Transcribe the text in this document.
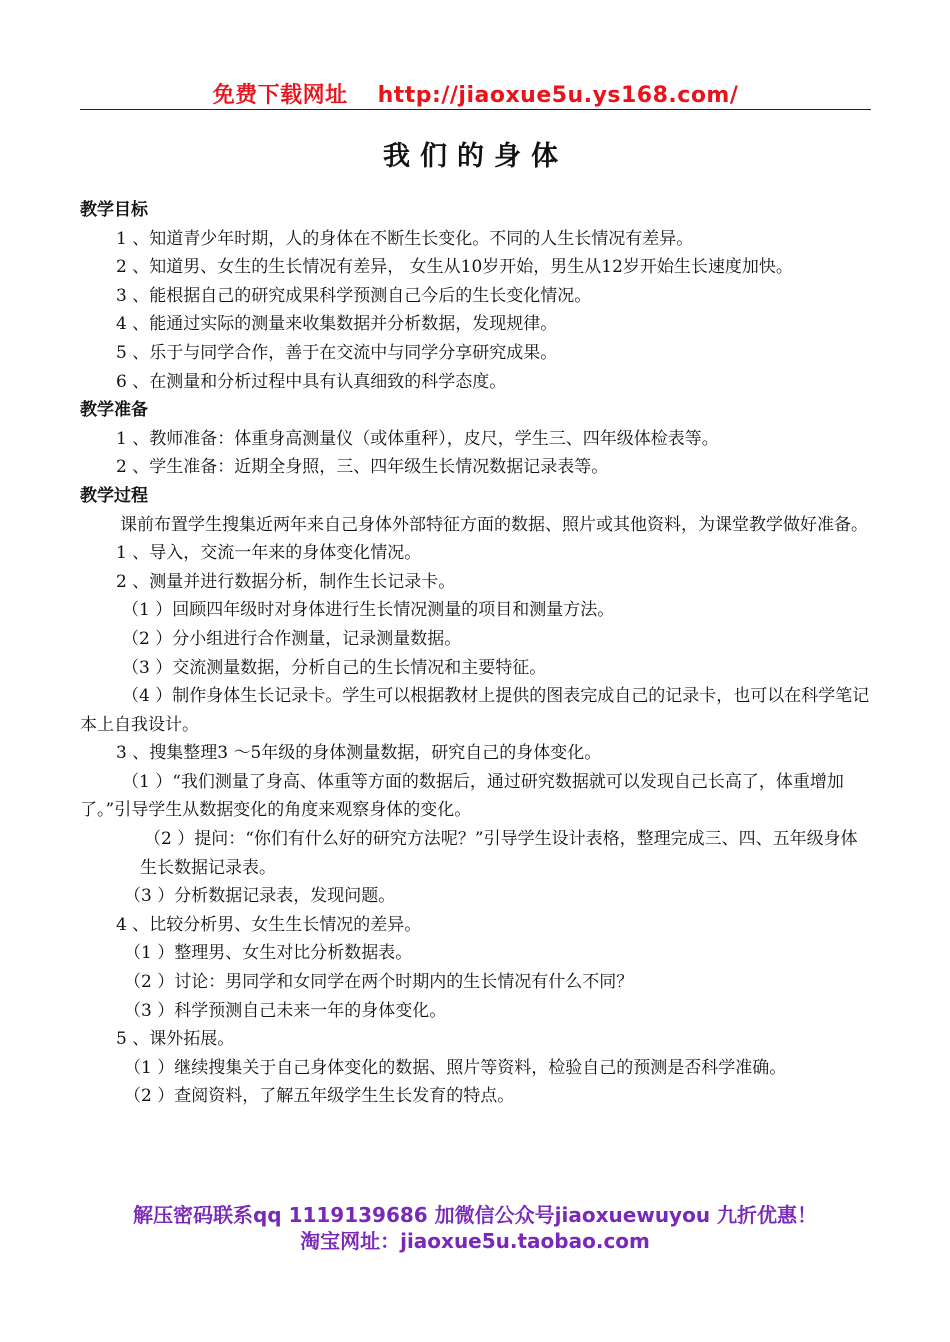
免费下载网址 http://jiaoxue5u.ys168.com/
我们的身体

教学目标

1 、知道青少年时期，人的身体在不断生长变化。不同的人生长情况有差异。

2 、知道男、女生的生长情况有差异， 女生从10岁开始，男生从12岁开始生长速度加快。

3 、能根据自己的研究成果科学预测自己今后的生长变化情况。

4 、能通过实际的测量来收集数据并分析数据，发现规律。

5 、乐于与同学合作，善于在交流中与同学分享研究成果。

6 、在测量和分析过程中具有认真细致的科学态度。

教学准备

1 、教师准备：体重身高测量仪（或体重秤），皮尺，学生三、四年级体检表等。

2 、学生准备：近期全身照，三、四年级生长情况数据记录表等。

教学过程

课前布置学生搜集近两年来自己身体外部特征方面的数据、照片或其他资料，为课堂教学做好准备。

1 、导入，交流一年来的身体变化情况。

2 、测量并进行数据分析，制作生长记录卡。

（1 ）回顾四年级时对身体进行生长情况测量的项目和测量方法。

（2 ）分小组进行合作测量，记录测量数据。

（3 ）交流测量数据，分析自己的生长情况和主要特征。

（4 ）制作身体生长记录卡。学生可以根据教材上提供的图表完成自己的记录卡，也可以在科学笔记本上自我设计。

3 、搜集整理3 ～5年级的身体测量数据，研究自己的身体变化。

（1 ）“我们测量了身高、体重等方面的数据后，通过研究数据就可以发现自己长高了，体重增加了。”引导学生从数据变化的角度来观察身体的变化。

（2 ）提问：“你们有什么好的研究方法呢？”引导学生设计表格，整理完成三、四、五年级身体生长数据记录表。

（3 ）分析数据记录表，发现问题。

4 、比较分析男、女生生长情况的差异。

（1 ）整理男、女生对比分析数据表。

（2 ）讨论：男同学和女同学在两个时期内的生长情况有什么不同？

（3 ）科学预测自己未来一年的身体变化。

5 、课外拓展。

（1 ）继续搜集关于自己身体变化的数据、照片等资料，检验自己的预测是否科学准确。

（2 ）查阅资料，了解五年级学生生长发育的特点。

解压密码联系qq 1119139686 加微信公众号jiaoxuewuyou 九折优惠！
淘宝网址：jiaoxue5u.taobao.com
